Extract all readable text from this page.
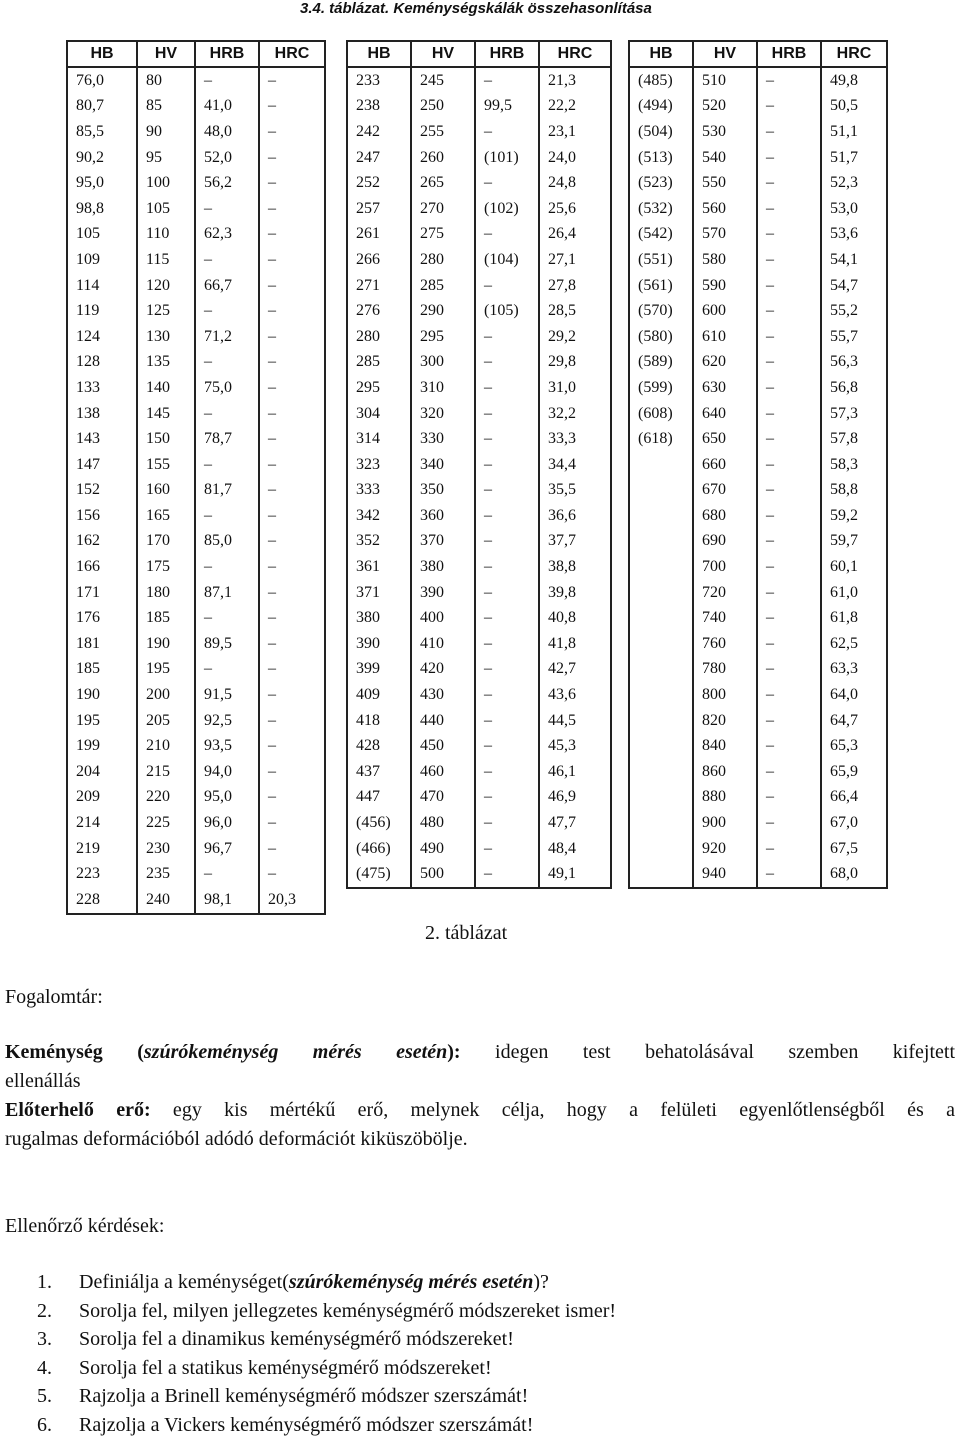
3.4. táblázat. Keménységskálák összehasonlítása
HB	HV	HRB	HRC
76,0	80	–	–
80,7	85	41,0	–
85,5	90	48,0	–
90,2	95	52,0	–
95,0	100	56,2	–
98,8	105	–	–
105	110	62,3	–
109	115	–	–
114	120	66,7	–
119	125	–	–
124	130	71,2	–
128	135	–	–
133	140	75,0	–
138	145	–	–
143	150	78,7	–
147	155	–	–
152	160	81,7	–
156	165	–	–
162	170	85,0	–
166	175	–	–
171	180	87,1	–
176	185	–	–
181	190	89,5	–
185	195	–	–
190	200	91,5	–
195	205	92,5	–
199	210	93,5	–
204	215	94,0	–
209	220	95,0	–
214	225	96,0	–
219	230	96,7	–
223	235	–	–
228	240	98,1	20,3
HB	HV	HRB	HRC
233	245	–	21,3
238	250	99,5	22,2
242	255	–	23,1
247	260	(101)	24,0
252	265	–	24,8
257	270	(102)	25,6
261	275	–	26,4
266	280	(104)	27,1
271	285	–	27,8
276	290	(105)	28,5
280	295	–	29,2
285	300	–	29,8
295	310	–	31,0
304	320	–	32,2
314	330	–	33,3
323	340	–	34,4
333	350	–	35,5
342	360	–	36,6
352	370	–	37,7
361	380	–	38,8
371	390	–	39,8
380	400	–	40,8
390	410	–	41,8
399	420	–	42,7
409	430	–	43,6
418	440	–	44,5
428	450	–	45,3
437	460	–	46,1
447	470	–	46,9
(456)	480	–	47,7
(466)	490	–	48,4
(475)	500	–	49,1
HB	HV	HRB	HRC
(485)	510	–	49,8
(494)	520	–	50,5
(504)	530	–	51,1
(513)	540	–	51,7
(523)	550	–	52,3
(532)	560	–	53,0
(542)	570	–	53,6
(551)	580	–	54,1
(561)	590	–	54,7
(570)	600	–	55,2
(580)	610	–	55,7
(589)	620	–	56,3
(599)	630	–	56,8
(608)	640	–	57,3
(618)	650	–	57,8
	660	–	58,3
	670	–	58,8
	680	–	59,2
	690	–	59,7
	700	–	60,1
	720	–	61,0
	740	–	61,8
	760	–	62,5
	780	–	63,3
	800	–	64,0
	820	–	64,7
	840	–	65,3
	860	–	65,9
	880	–	66,4
	900	–	67,0
	920	–	67,5
	940	–	68,0
2. táblázat
Fogalomtár:
Keménység (szúrókeménység mérés esetén): idegen test behatolásával szemben kifejtett
ellenállás
Előterhelő erő: egy kis mértékű erő, melynek célja, hogy a felületi egyenlőtlenségből és a
rugalmas deformációból adódó deformációt kiküszöbölje.
Ellenőrző kérdések:
1. Definiálja a keménységet(szúrókeménység mérés esetén)?
2. Sorolja fel, milyen jellegzetes keménységmérő módszereket ismer!
3. Sorolja fel a dinamikus keménységmérő módszereket!
4. Sorolja fel a statikus keménységmérő módszereket!
5. Rajzolja a Brinell keménységmérő módszer szerszámát!
6. Rajzolja a Vickers keménységmérő módszer szerszámát!
